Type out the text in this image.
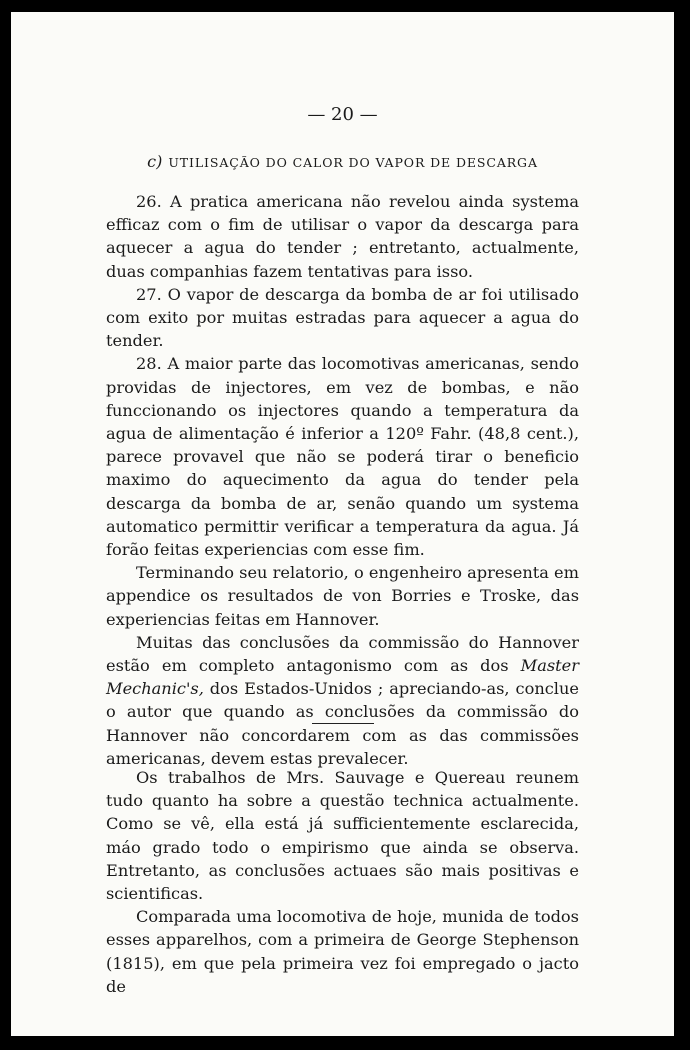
— 20 —
c) UTILISAÇÃO DO CALOR DO VAPOR DE DESCARGA

26. A pratica americana não revelou ainda systema efficaz com o fim de utilisar o vapor da descarga para aquecer a agua do tender ; entretanto, actualmente, duas companhias fazem tentativas para isso.

27. O vapor de descarga da bomba de ar foi utilisado com exito por muitas estradas para aquecer a agua do tender.

28. A maior parte das locomotivas americanas, sendo providas de injectores, em vez de bombas, e não funccionando os injectores quando a temperatura da agua de alimentação é inferior a 120º Fahr. (48,8 cent.), parece provavel que não se poderá tirar o beneficio maximo do aquecimento da agua do tender pela descarga da bomba de ar, senão quando um systema automatico permittir verificar a temperatura da agua. Já forão feitas experiencias com esse fim.

Terminando seu relatorio, o engenheiro apresenta em appendice os resultados de von Borries e Troske, das experiencias feitas em Hannover.

Muitas das conclusões da commissão do Hannover estão em completo antagonismo com as dos Master Mechanic's, dos Estados-Unidos ; apreciando-as, conclue o autor que quando as conclusões da commissão do Hannover não concordarem com as das commissões americanas, devem estas prevalecer.

Os trabalhos de Mrs. Sauvage e Quereau reunem tudo quanto ha sobre a questão technica actualmente. Como se vê, ella está já sufficientemente esclarecida, máo grado todo o empirismo que ainda se observa. Entretanto, as conclusões actuaes são mais positivas e scientificas.

Comparada uma locomotiva de hoje, munida de todos esses apparelhos, com a primeira de George Stephenson (1815), em que pela primeira vez foi empregado o jacto de
